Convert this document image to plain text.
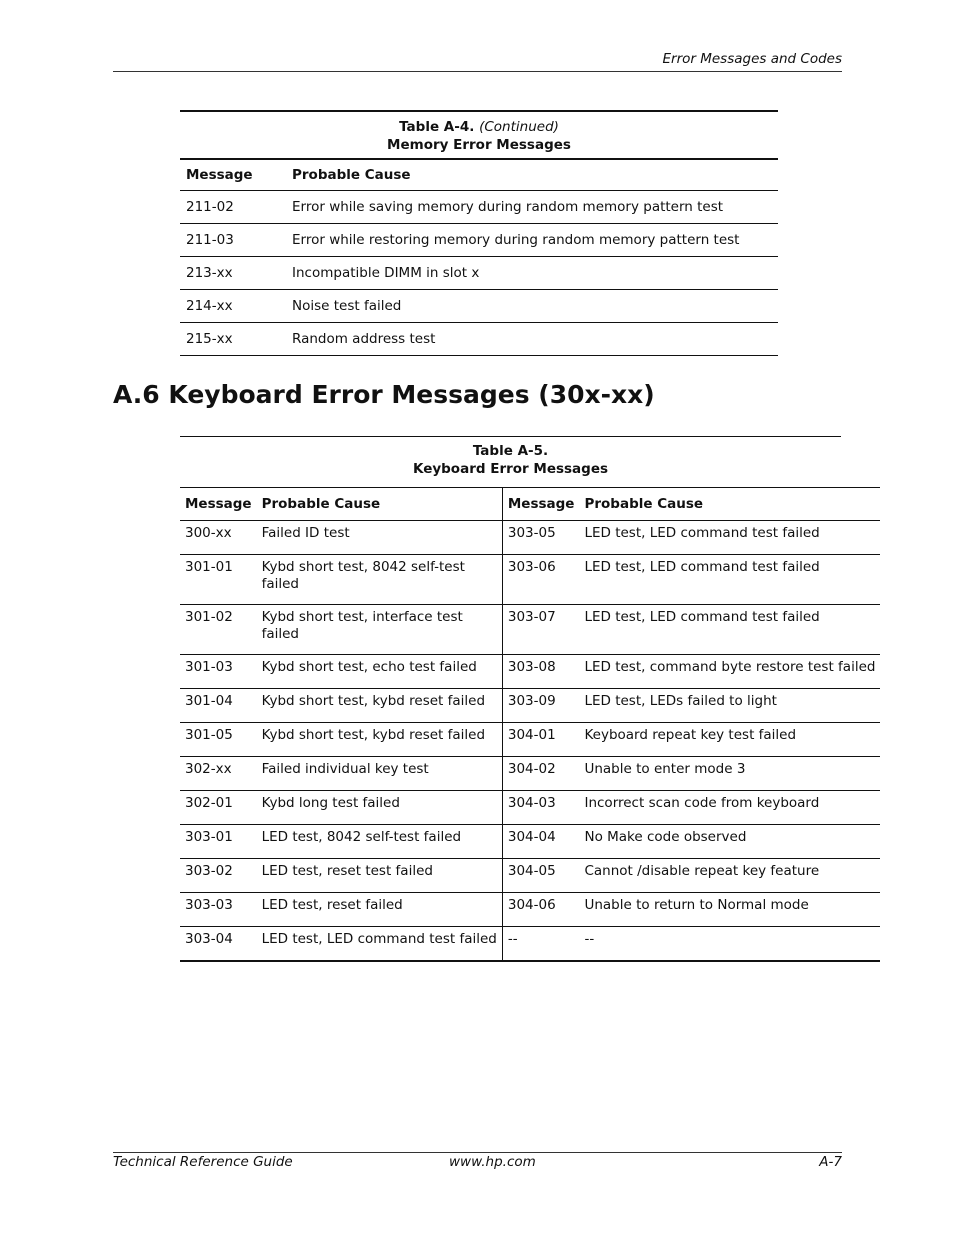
Error Messages and Codes
Table A-4. (Continued)
Memory Error Messages
Message	Probable Cause
211-02	Error while saving memory during random memory pattern test
211-03	Error while restoring memory during random memory pattern test
213-xx	Incompatible DIMM in slot x
214-xx	Noise test failed
215-xx	Random address test
A.6 Keyboard Error Messages (30x-xx)
Table A-5.
Keyboard Error Messages
Message	Probable Cause	Message	Probable Cause
300-xx	Failed ID test	303-05	LED test, LED command test failed
301-01	Kybd short test, 8042 self-test failed	303-06	LED test, LED command test failed
301-02	Kybd short test, interface test failed	303-07	LED test, LED command test failed
301-03	Kybd short test, echo test failed	303-08	LED test, command byte restore test failed
301-04	Kybd short test, kybd reset failed	303-09	LED test, LEDs failed to light
301-05	Kybd short test, kybd reset failed	304-01	Keyboard repeat key test failed
302-xx	Failed individual key test	304-02	Unable to enter mode 3
302-01	Kybd long test failed	304-03	Incorrect scan code from keyboard
303-01	LED test, 8042 self-test failed	304-04	No Make code observed
303-02	LED test, reset test failed	304-05	Cannot /disable repeat key feature
303-03	LED test, reset failed	304-06	Unable to return to Normal mode
303-04	LED test, LED command test failed	--	--
Technical Reference Guide	www.hp.com	A-7
